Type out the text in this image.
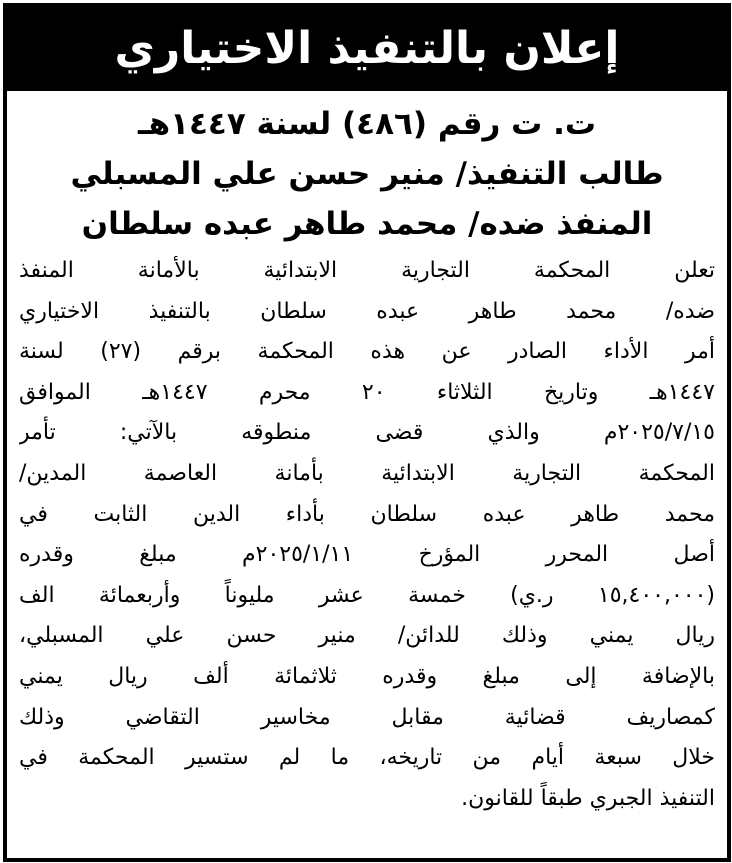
إعلان بالتنفيذ الاختياري
ت. ت رقم (٤٨٦) لسنة ١٤٤٧هـ
طالب التنفيذ/ منير حسن علي المسبلي
المنفذ ضده/ محمد طاهر عبده سلطان
تعلن المحكمة التجارية الابتدائية بالأمانة المنفذ
ضده/ محمد طاهر عبده سلطان بالتنفيذ الاختياري
أمر الأداء الصادر عن هذه المحكمة برقم (٢٧) لسنة
١٤٤٧هـ وتاريخ الثلاثاء ٢٠ محرم ١٤٤٧هـ الموافق
٢٠٢٥/٧/١٥م والذي قضى منطوقه بالآتي: تأمر
المحكمة التجارية الابتدائية بأمانة العاصمة المدين/
محمد طاهر عبده سلطان بأداء الدين الثابت في
أصل المحرر المؤرخ ٢٠٢٥/١/١١م مبلغ وقدره
(١٥,٤٠٠,٠٠٠ ر.ي) خمسة عشر مليوناً وأربعمائة الف
ريال يمني وذلك للدائن/ منير حسن علي المسبلي،
بالإضافة إلى مبلغ وقدره ثلاثمائة ألف ريال يمني
كمصاريف قضائية مقابل مخاسير التقاضي وذلك
خلال سبعة أيام من تاريخه، ما لم ستسير المحكمة في
التنفيذ الجبري طبقاً للقانون.
